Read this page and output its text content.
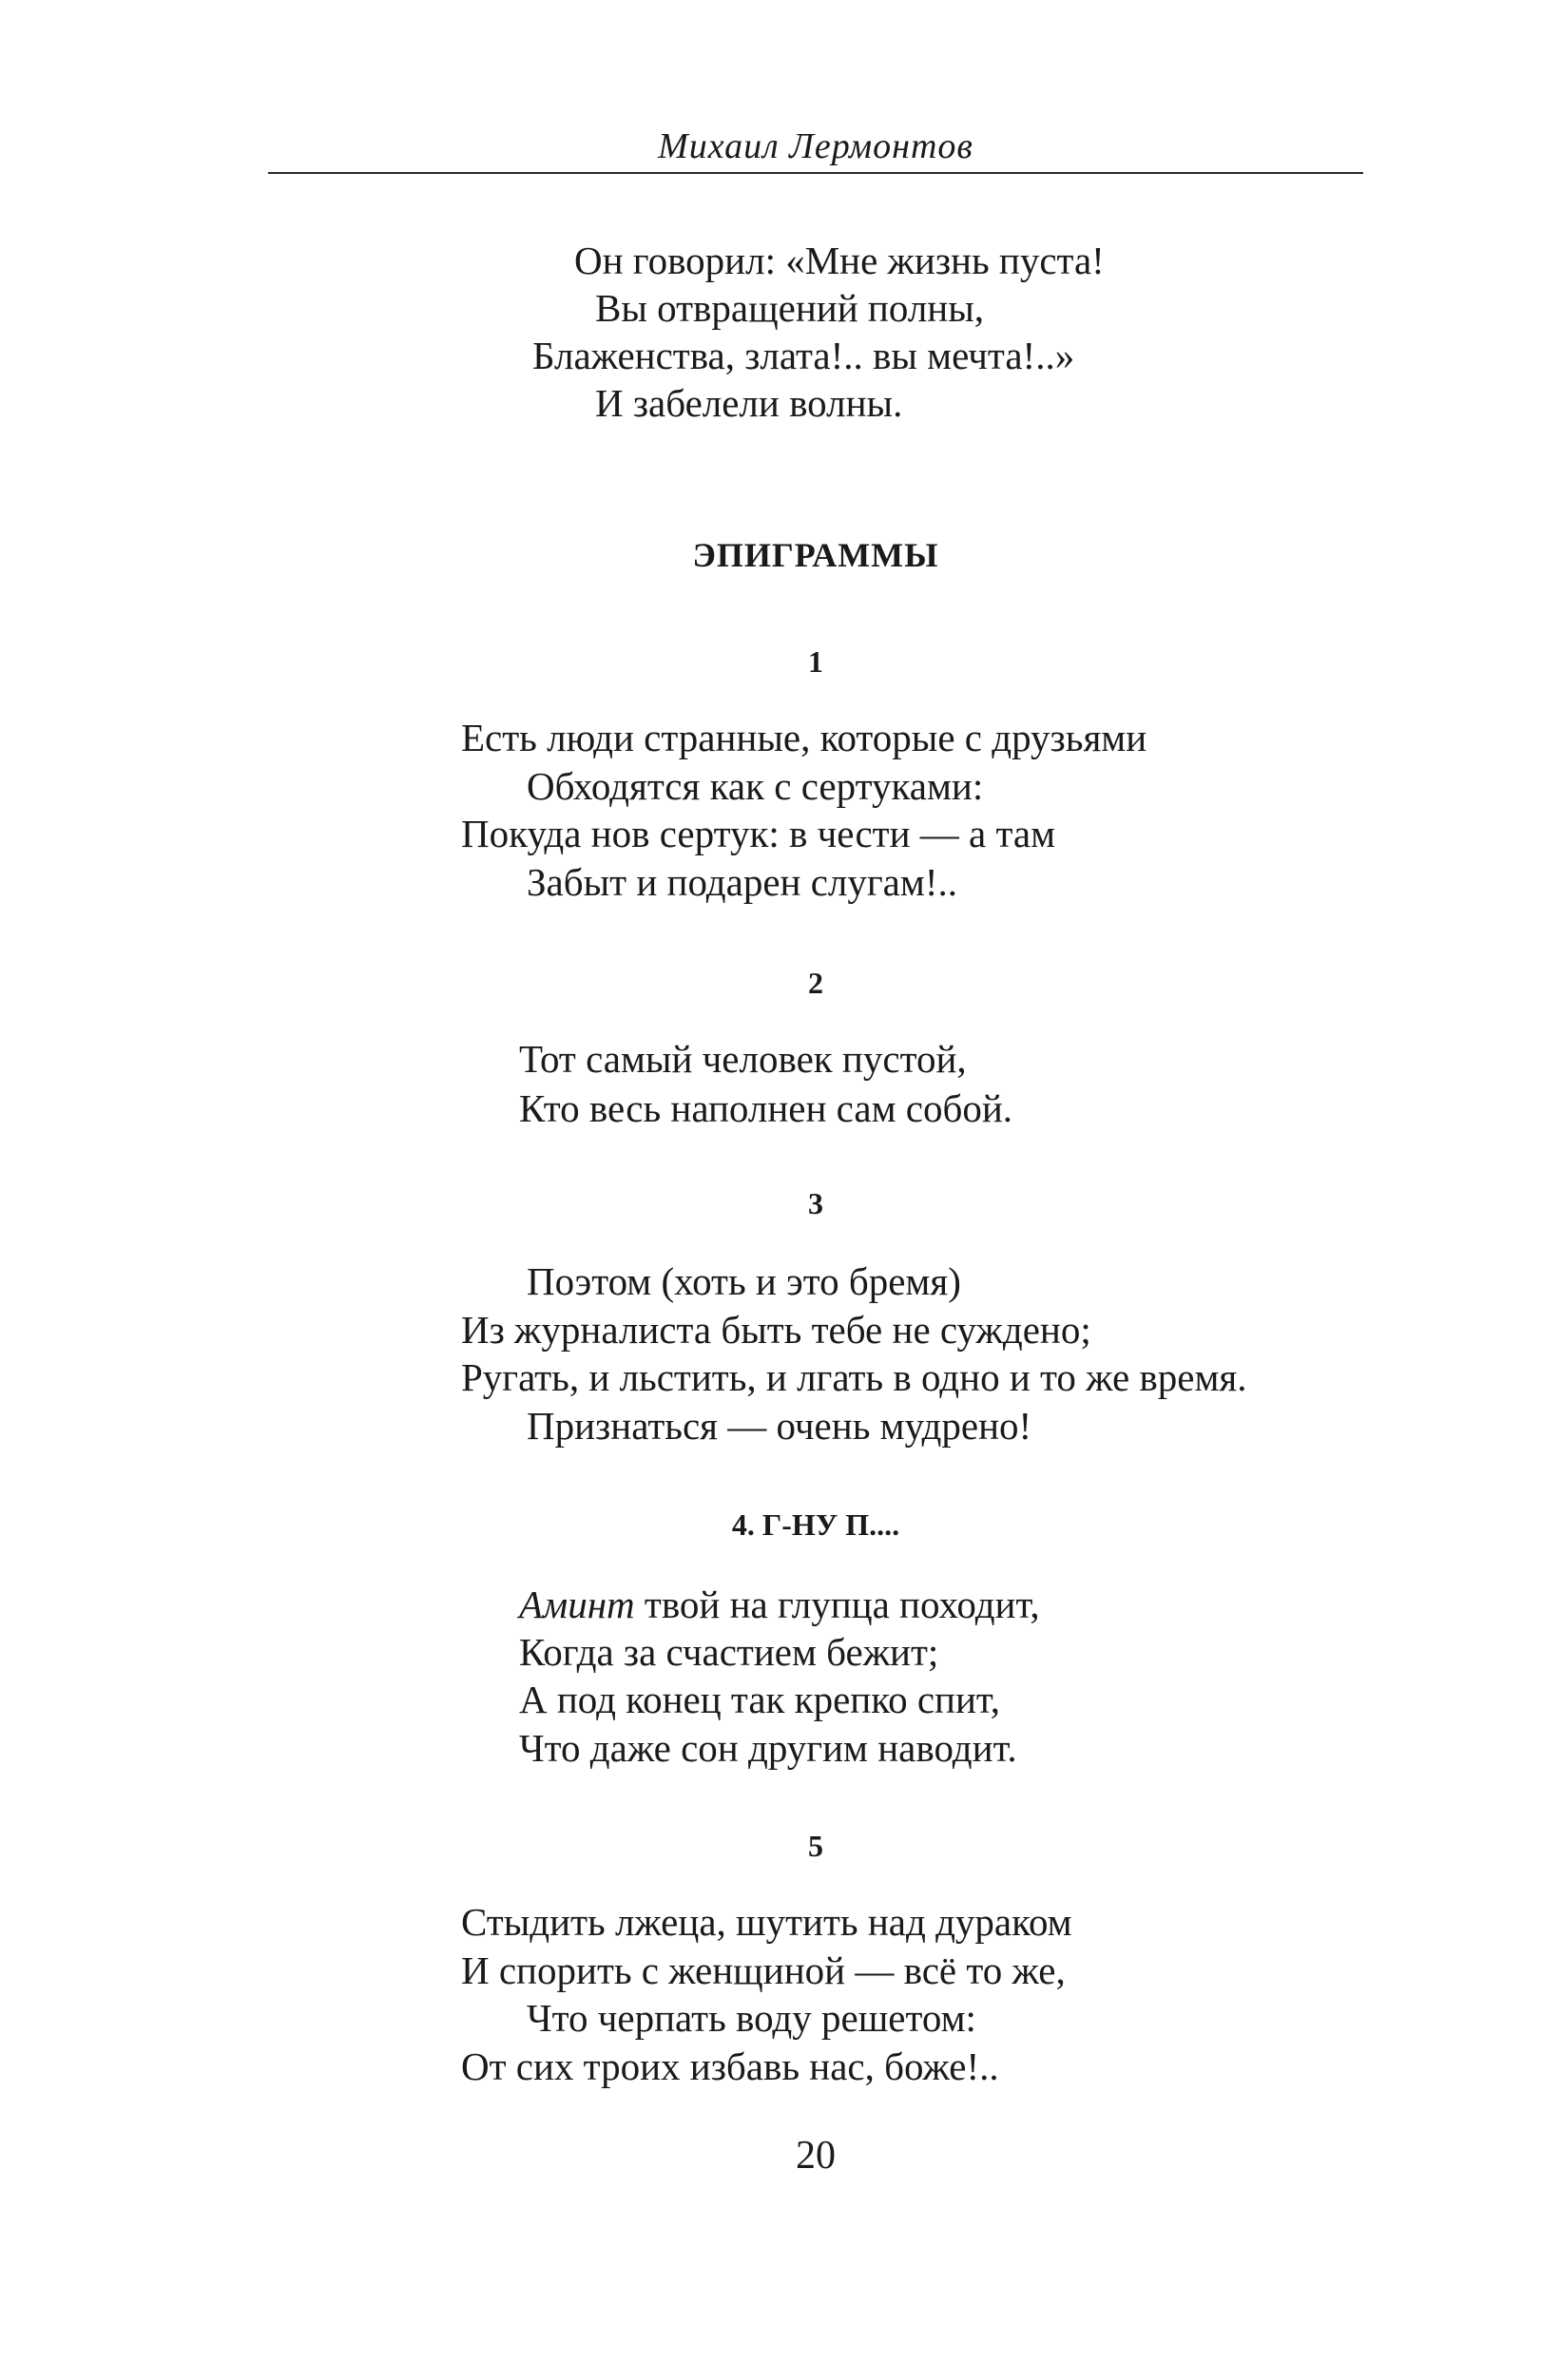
Михаил Лермонтов
Он говорил: «Мне жизнь пуста!
Вы отвращений полны,
Блаженства, злата!.. вы мечта!..»
И забелели волны.
ЭПИГРАММЫ
1
Есть люди странные, которые с друзьями
Обходятся как с сертуками:
Покуда нов сертук: в чести — а там
Забыт и подарен слугам!..
2
Тот самый человек пустой,
Кто весь наполнен сам собой.
3
Поэтом (хоть и это бремя)
Из журналиста быть тебе не суждено;
Ругать, и льстить, и лгать в одно и то же время.
Признаться — очень мудрено!
4. Г-НУ П....
Аминт твой на глупца походит,
Когда за счастием бежит;
А под конец так крепко спит,
Что даже сон другим наводит.
5
Стыдить лжеца, шутить над дураком
И спорить с женщиной — всё то же,
Что черпать воду решетом:
От сих троих избавь нас, боже!..
20
